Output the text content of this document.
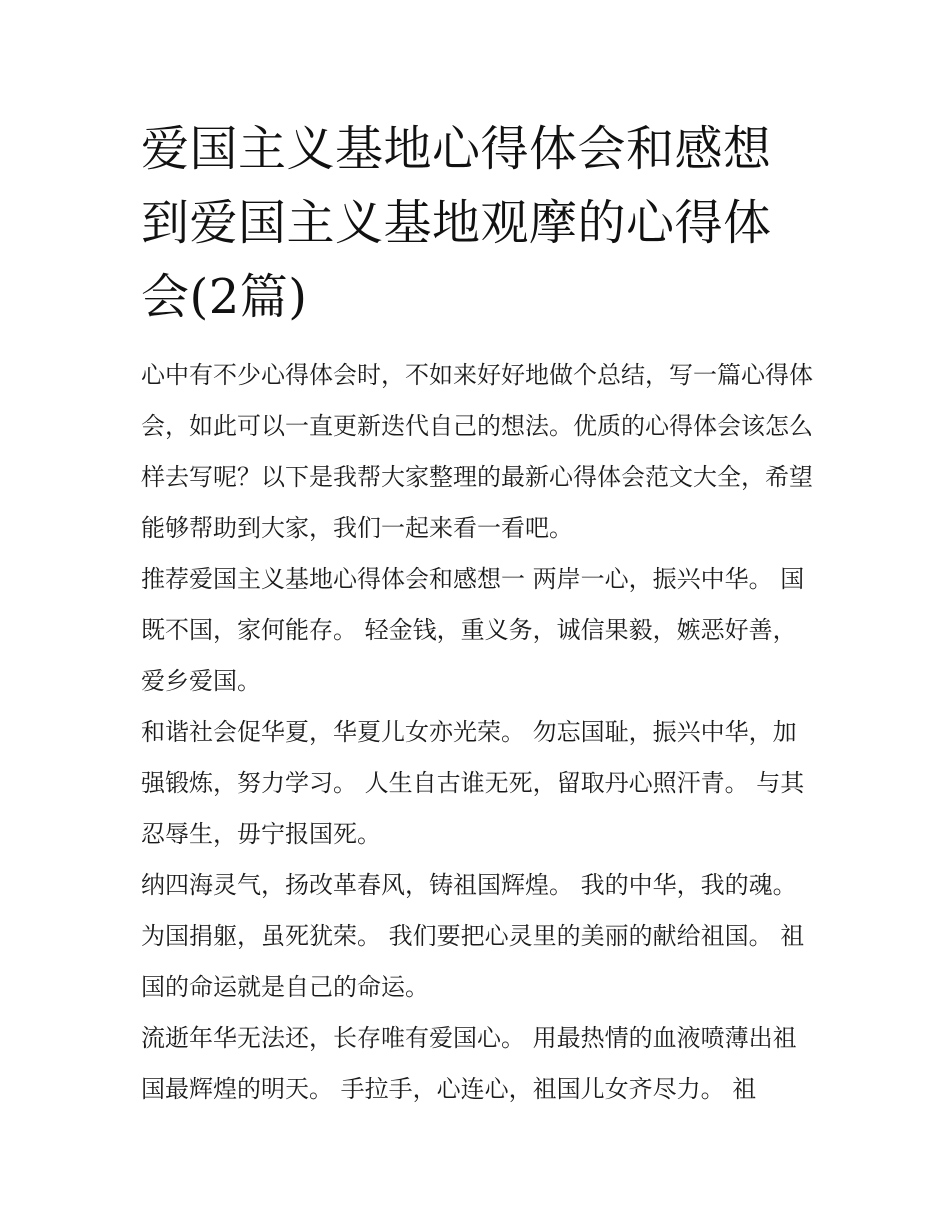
爱国主义基地心得体会和感想到爱国主义基地观摩的心得体会(2篇)

心中有不少心得体会时，不如来好好地做个总结，写一篇心得体会，如此可以一直更新迭代自己的想法。优质的心得体会该怎么样去写呢？以下是我帮大家整理的最新心得体会范文大全，希望能够帮助到大家，我们一起来看一看吧。

推荐爱国主义基地心得体会和感想一 两岸一心，振兴中华。 国既不国，家何能存。 轻金钱，重义务，诚信果毅，嫉恶好善，爱乡爱国。

和谐社会促华夏，华夏儿女亦光荣。 勿忘国耻，振兴中华，加强锻炼，努力学习。 人生自古谁无死，留取丹心照汗青。 与其忍辱生，毋宁报国死。

纳四海灵气，扬改革春风，铸祖国辉煌。 我的中华，我的魂。 为国捐躯，虽死犹荣。 我们要把心灵里的美丽的献给祖国。 祖国的命运就是自己的命运。

流逝年华无法还，长存唯有爱国心。 用最热情的血液喷薄出祖国最辉煌的明天。 手拉手，心连心，祖国儿女齐尽力。 祖
